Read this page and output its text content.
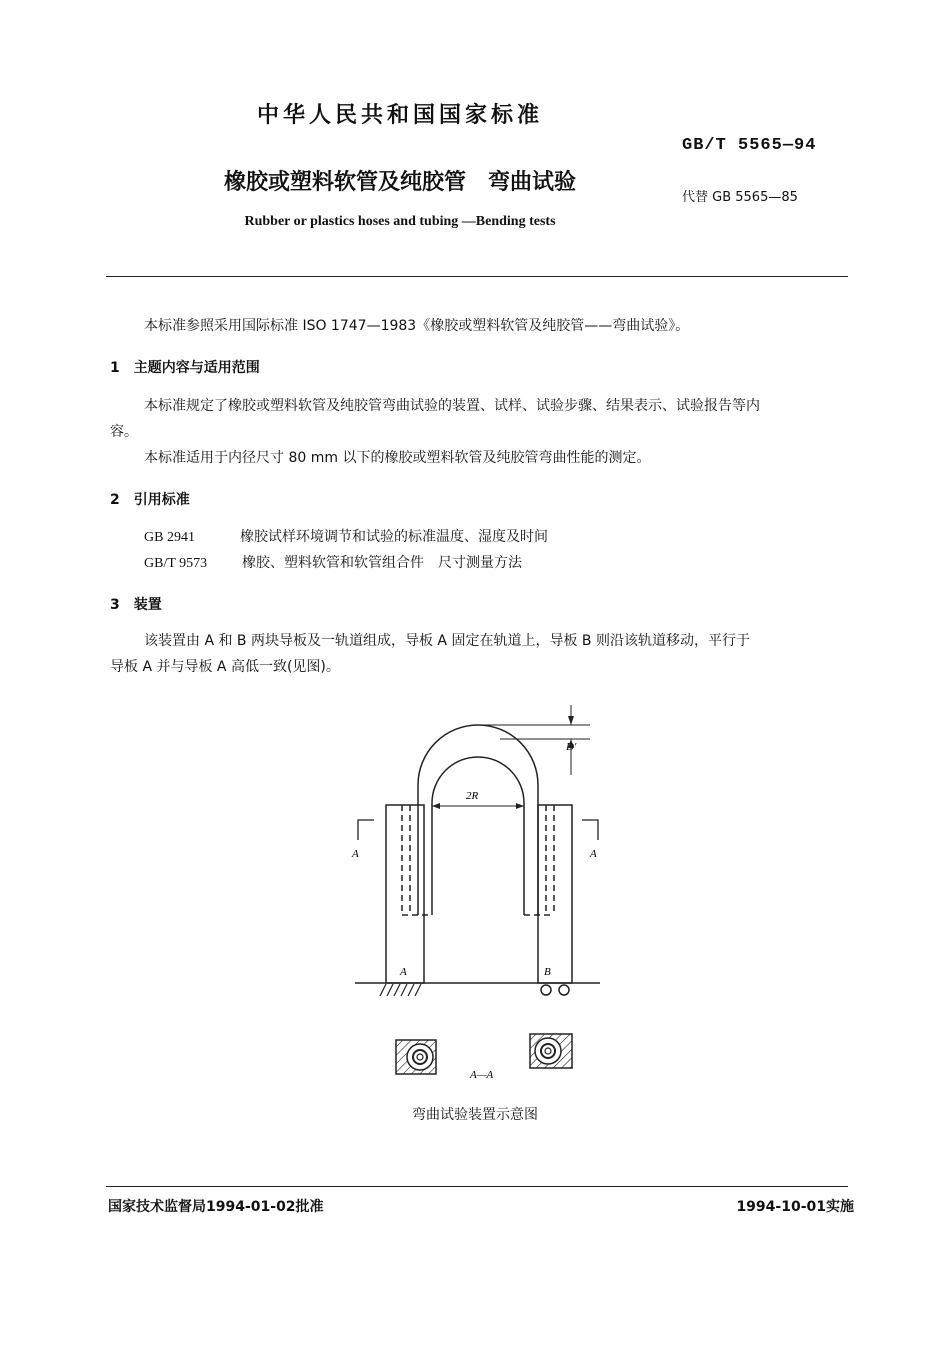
中华人民共和国国家标准
GB/T 5565—94
橡胶或塑料软管及纯胶管　弯曲试验
代替 GB 5565—85
Rubber or plastics hoses and tubing —Bending tests
本标准参照采用国际标准 ISO 1747—1983《橡胶或塑料软管及纯胶管——弯曲试验》。
1　主题内容与适用范围
本标准规定了橡胶或塑料软管及纯胶管弯曲试验的装置、试样、试验步骤、结果表示、试验报告等内
容。
本标准适用于内径尺寸 80 mm 以下的橡胶或塑料软管及纯胶管弯曲性能的测定。
2　引用标准
GB 2941	橡胶试样环境调节和试验的标准温度、湿度及时间
GB/T 9573 橡胶、塑料软管和软管组合件　尺寸测量方法
3　装置
该装置由 A 和 B 两块导板及一轨道组成，导板 A 固定在轨道上，导板 B 则沿该轨道移动，平行于
导板 A 并与导板 A 高低一致(见图)。
D′
2R
A	A
A	B
A—A
弯曲试验装置示意图
国家技术监督局1994-01-02批准	1994-10-01实施
